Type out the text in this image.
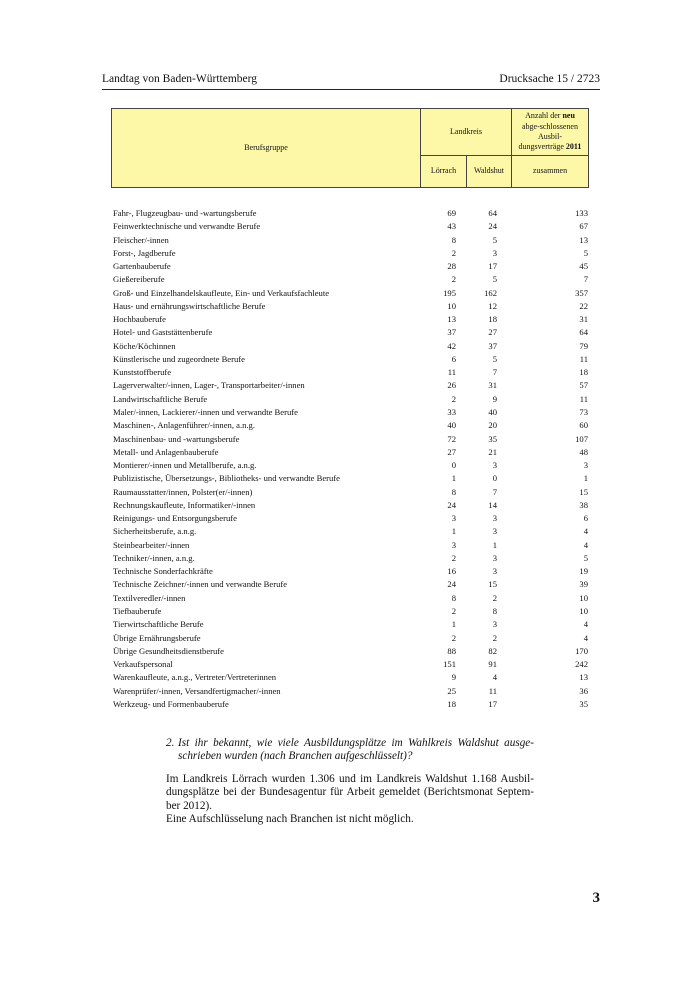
Landtag von Baden-Württemberg	Drucksache 15 / 2723
Berufsgruppe
Landkreis
Lörrach Waldshut
Anzahl der neu abge-schlossenen Ausbil-dungsverträge 2011
zusammen
Fahr-, Flugzeugbau- und -wartungsberufe	69	64	133
Feinwerktechnische und verwandte Berufe	43	24	67
Fleischer/-innen	8	5	13
Forst-, Jagdberufe	2	3	5
Gartenbauberufe	28	17	45
Gießereiberufe	2	5	7
Groß- und Einzelhandelskaufleute, Ein- und Verkaufsfachleute	195	162	357
Haus- und ernährungswirtschaftliche Berufe	10	12	22
Hochbauberufe	13	18	31
Hotel- und Gaststättenberufe	37	27	64
Köche/Köchinnen	42	37	79
Künstlerische und zugeordnete Berufe	6	5	11
Kunststoffberufe	11	7	18
Lagerverwalter/-innen, Lager-, Transportarbeiter/-innen	26	31	57
Landwirtschaftliche Berufe	2	9	11
Maler/-innen, Lackierer/-innen und verwandte Berufe	33	40	73
Maschinen-, Anlagenführer/-innen, a.n.g.	40	20	60
Maschinenbau- und -wartungsberufe	72	35	107
Metall- und Anlagenbauberufe	27	21	48
Montierer/-innen und Metallberufe, a.n.g.	0	3	3
Publizistische, Übersetzungs-, Bibliotheks- und verwandte Berufe	1	0	1
Raumausstatter/innen, Polster(er/-innen)	8	7	15
Rechnungskaufleute, Informatiker/-innen	24	14	38
Reinigungs- und Entsorgungsberufe	3	3	6
Sicherheitsberufe, a.n.g.	1	3	4
Steinbearbeiter/-innen	3	1	4
Techniker/-innen, a.n.g.	2	3	5
Technische Sonderfachkräfte	16	3	19
Technische Zeichner/-innen und verwandte Berufe	24	15	39
Textilveredler/-innen	8	2	10
Tiefbauberufe	2	8	10
Tierwirtschaftliche Berufe	1	3	4
Übrige Ernährungsberufe	2	2	4
Übrige Gesundheitsdienstberufe	88	82	170
Verkaufspersonal	151	91	242
Warenkaufleute, a.n.g., Vertreter/Vertreterinnen	9	4	13
Warenprüfer/-innen, Versandfertigmacher/-innen	25	11	36
Werkzeug- und Formenbauberufe	18	17	35
2. Ist ihr bekannt, wie viele Ausbildungsplätze im Wahlkreis Waldshut ausge-schrieben wurden (nach Branchen aufgeschlüsselt)?
Im Landkreis Lörrach wurden 1.306 und im Landkreis Waldshut 1.168 Ausbil-dungsplätze bei der Bundesagentur für Arbeit gemeldet (Berichtsmonat Septem-ber 2012).
Eine Aufschlüsselung nach Branchen ist nicht möglich.
3
